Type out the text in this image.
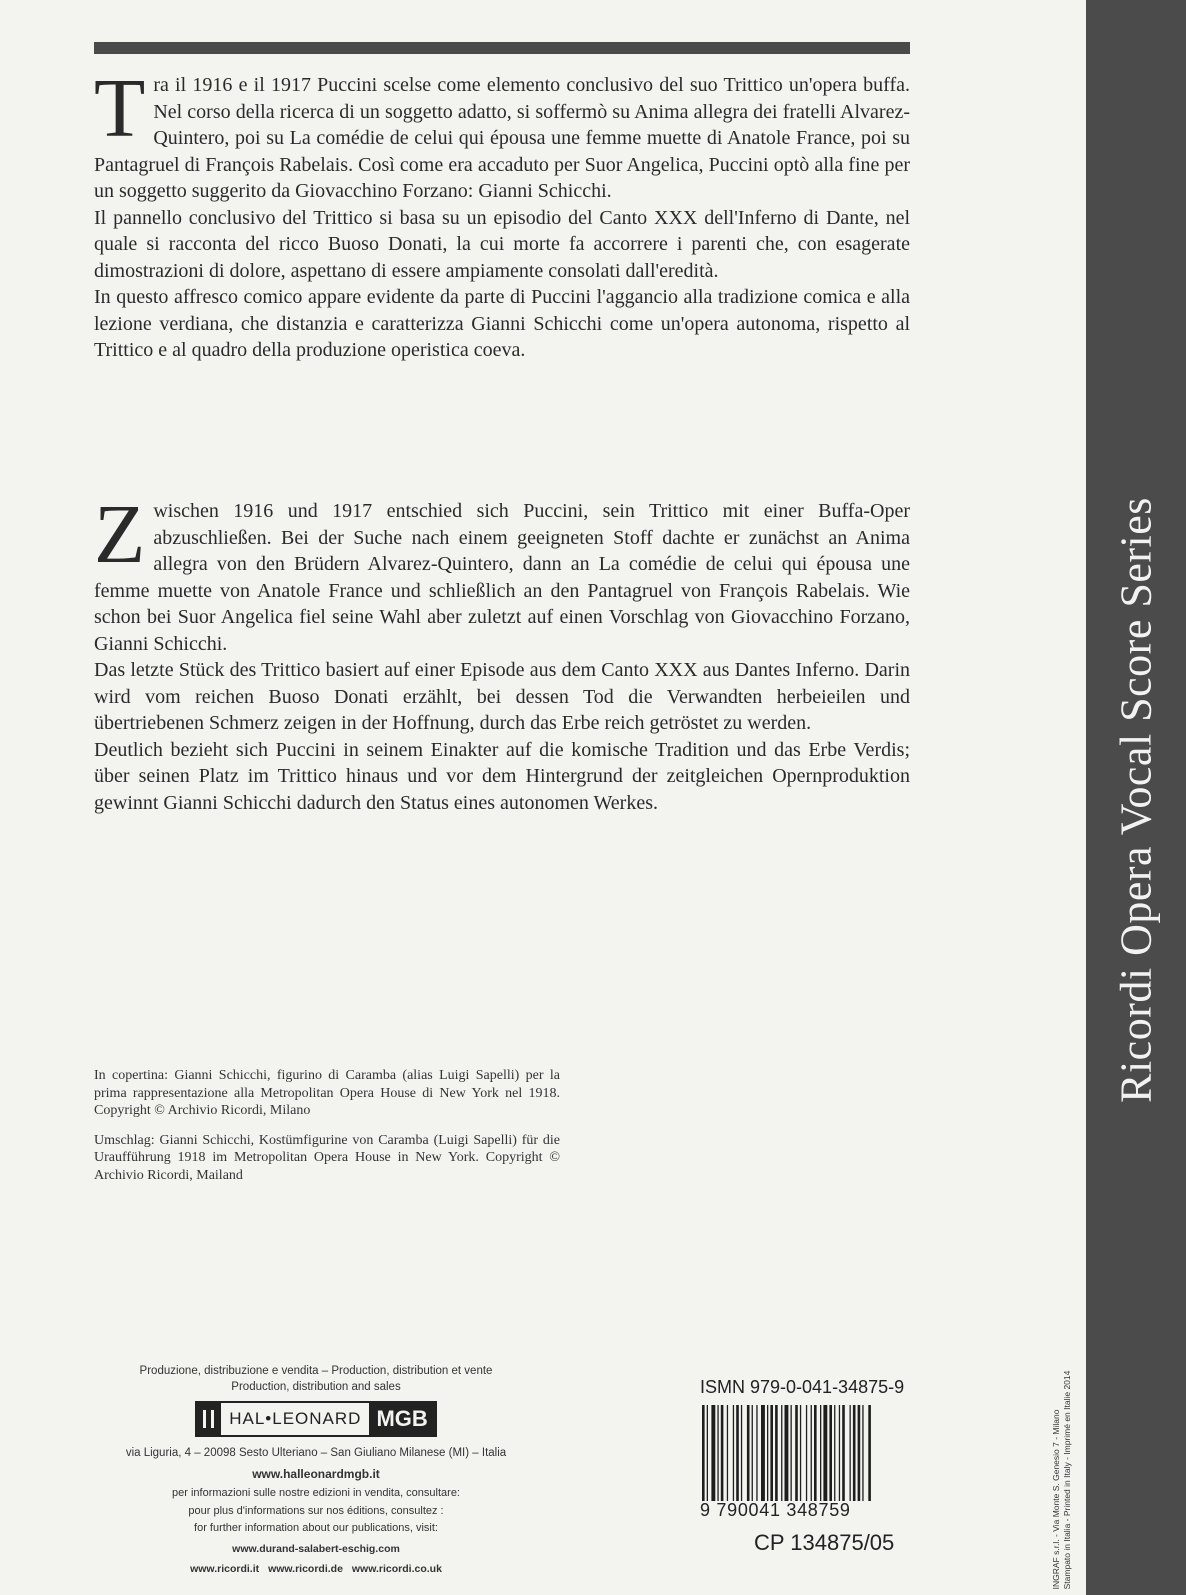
T ra il 1916 e il 1917 Puccini scelse come elemento conclusivo del suo Trittico un'opera buffa. Nel corso della ricerca di un soggetto adatto, si soffermò su Anima allegra dei fratelli Alvarez-Quintero, poi su La comédie de celui qui épousa une femme muette di Anatole France, poi su Pantagruel di François Rabelais. Così come era accaduto per Suor Angelica, Puccini optò alla fine per un soggetto suggerito da Giovacchino Forzano: Gianni Schicchi.

Il pannello conclusivo del Trittico si basa su un episodio del Canto XXX dell'Inferno di Dante, nel quale si racconta del ricco Buoso Donati, la cui morte fa accorrere i parenti che, con esagerate dimostrazioni di dolore, aspettano di essere ampiamente consolati dall'eredità.

In questo affresco comico appare evidente da parte di Puccini l'aggancio alla tradizione comica e alla lezione verdiana, che distanzia e caratterizza Gianni Schicchi come un'opera autonoma, rispetto al Trittico e al quadro della produzione operistica coeva.

Z wischen 1916 und 1917 entschied sich Puccini, sein Trittico mit einer Buffa-Oper abzuschließen. Bei der Suche nach einem geeigneten Stoff dachte er zunächst an Anima allegra von den Brüdern Alvarez-Quintero, dann an La comédie de celui qui épousa une femme muette von Anatole France und schließlich an den Pantagruel von François Rabelais. Wie schon bei Suor Angelica fiel seine Wahl aber zuletzt auf einen Vorschlag von Giovacchino Forzano, Gianni Schicchi.

Das letzte Stück des Trittico basiert auf einer Episode aus dem Canto XXX aus Dantes Inferno. Darin wird vom reichen Buoso Donati erzählt, bei dessen Tod die Verwandten herbeieilen und übertriebenen Schmerz zeigen in der Hoffnung, durch das Erbe reich getröstet zu werden.

Deutlich bezieht sich Puccini in seinem Einakter auf die komische Tradition und das Erbe Verdis; über seinen Platz im Trittico hinaus und vor dem Hintergrund der zeitgleichen Opernproduktion gewinnt Gianni Schicchi dadurch den Status eines autonomen Werkes.

In copertina: Gianni Schicchi, figurino di Caramba (alias Luigi Sapelli) per la prima rappresentazione alla Metropolitan Opera House di New York nel 1918. Copyright © Archivio Ricordi, Milano

Umschlag: Gianni Schicchi, Kostümfigurine von Caramba (Luigi Sapelli) für die Uraufführung 1918 im Metropolitan Opera House in New York. Copyright © Archivio Ricordi, Mailand

Produzione, distribuzione e vendita – Production, distribution et vente
Production, distribution and sales
HAL•LEONARD MGB
via Liguria, 4 – 20098 Sesto Ulteriano – San Giuliano Milanese (MI) – Italia
www.halleonardmgb.it
per informazioni sulle nostre edizioni in vendita, consultare:
pour plus d'informations sur nos éditions, consultez :
for further information about our publications, visit:
www.durand-salabert-eschig.com
www.ricordi.it www.ricordi.de www.ricordi.co.uk
ISMN 979-0-041-34875-9
9 790041 348759
CP 134875/05
Ricordi Opera Vocal Score Series
INGRAF s.r.l. - Via Monte S. Genesio 7 - Milano Stampato in Italia - Printed in Italy - Imprimé en Italie 2014
